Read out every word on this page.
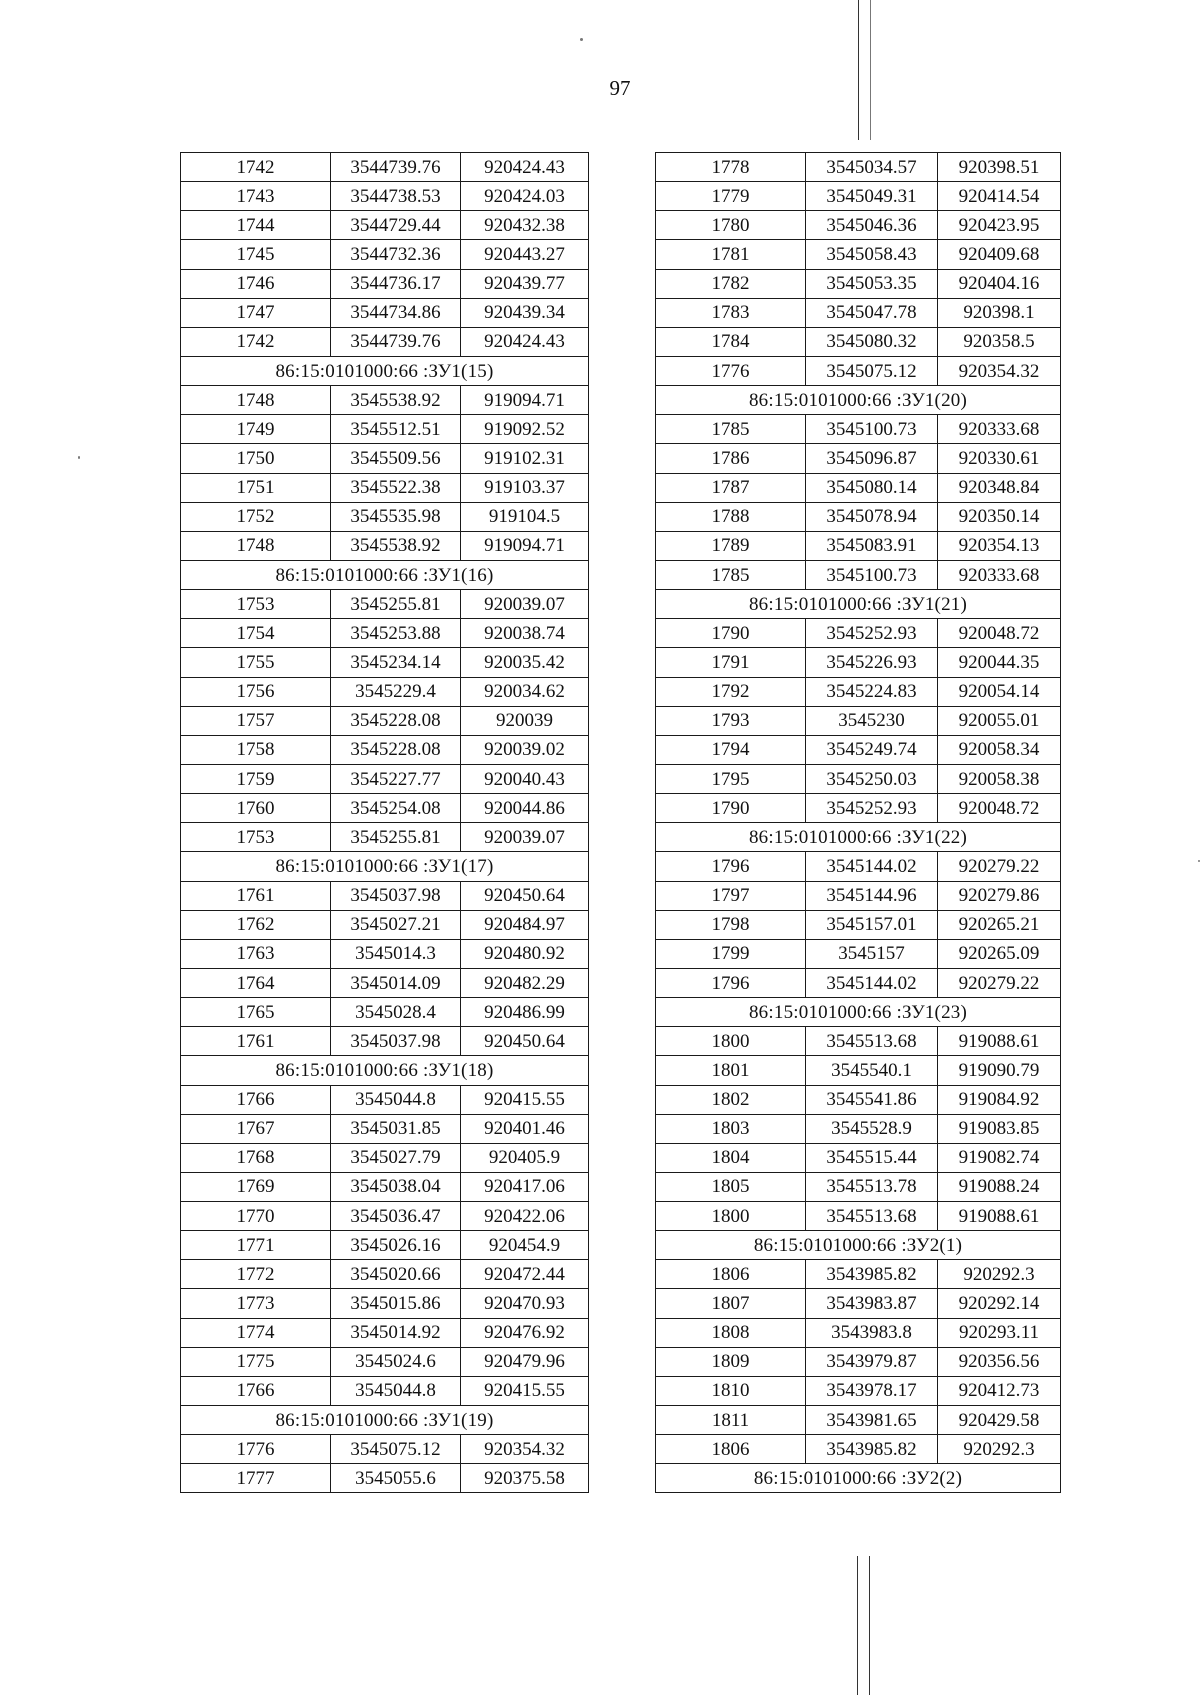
97
1742	3544739.76	920424.43
1743	3544738.53	920424.03
1744	3544729.44	920432.38
1745	3544732.36	920443.27
1746	3544736.17	920439.77
1747	3544734.86	920439.34
1742	3544739.76	920424.43
86:15:0101000:66 :ЗУ1(15)		
1748	3545538.92	919094.71
1749	3545512.51	919092.52
1750	3545509.56	919102.31
1751	3545522.38	919103.37
1752	3545535.98	919104.5
1748	3545538.92	919094.71
86:15:0101000:66 :ЗУ1(16)		
1753	3545255.81	920039.07
1754	3545253.88	920038.74
1755	3545234.14	920035.42
1756	3545229.4	920034.62
1757	3545228.08	920039
1758	3545228.08	920039.02
1759	3545227.77	920040.43
1760	3545254.08	920044.86
1753	3545255.81	920039.07
86:15:0101000:66 :ЗУ1(17)		
1761	3545037.98	920450.64
1762	3545027.21	920484.97
1763	3545014.3	920480.92
1764	3545014.09	920482.29
1765	3545028.4	920486.99
1761	3545037.98	920450.64
86:15:0101000:66 :ЗУ1(18)		
1766	3545044.8	920415.55
1767	3545031.85	920401.46
1768	3545027.79	920405.9
1769	3545038.04	920417.06
1770	3545036.47	920422.06
1771	3545026.16	920454.9
1772	3545020.66	920472.44
1773	3545015.86	920470.93
1774	3545014.92	920476.92
1775	3545024.6	920479.96
1766	3545044.8	920415.55
86:15:0101000:66 :ЗУ1(19)		
1776	3545075.12	920354.32
1777	3545055.6	920375.58
1778	3545034.57	920398.51
1779	3545049.31	920414.54
1780	3545046.36	920423.95
1781	3545058.43	920409.68
1782	3545053.35	920404.16
1783	3545047.78	920398.1
1784	3545080.32	920358.5
1776	3545075.12	920354.32
86:15:0101000:66 :ЗУ1(20)		
1785	3545100.73	920333.68
1786	3545096.87	920330.61
1787	3545080.14	920348.84
1788	3545078.94	920350.14
1789	3545083.91	920354.13
1785	3545100.73	920333.68
86:15:0101000:66 :ЗУ1(21)		
1790	3545252.93	920048.72
1791	3545226.93	920044.35
1792	3545224.83	920054.14
1793	3545230	920055.01
1794	3545249.74	920058.34
1795	3545250.03	920058.38
1790	3545252.93	920048.72
86:15:0101000:66 :ЗУ1(22)		
1796	3545144.02	920279.22
1797	3545144.96	920279.86
1798	3545157.01	920265.21
1799	3545157	920265.09
1796	3545144.02	920279.22
86:15:0101000:66 :ЗУ1(23)		
1800	3545513.68	919088.61
1801	3545540.1	919090.79
1802	3545541.86	919084.92
1803	3545528.9	919083.85
1804	3545515.44	919082.74
1805	3545513.78	919088.24
1800	3545513.68	919088.61
86:15:0101000:66 :ЗУ2(1)		
1806	3543985.82	920292.3
1807	3543983.87	920292.14
1808	3543983.8	920293.11
1809	3543979.87	920356.56
1810	3543978.17	920412.73
1811	3543981.65	920429.58
1806	3543985.82	920292.3
86:15:0101000:66 :ЗУ2(2)		
